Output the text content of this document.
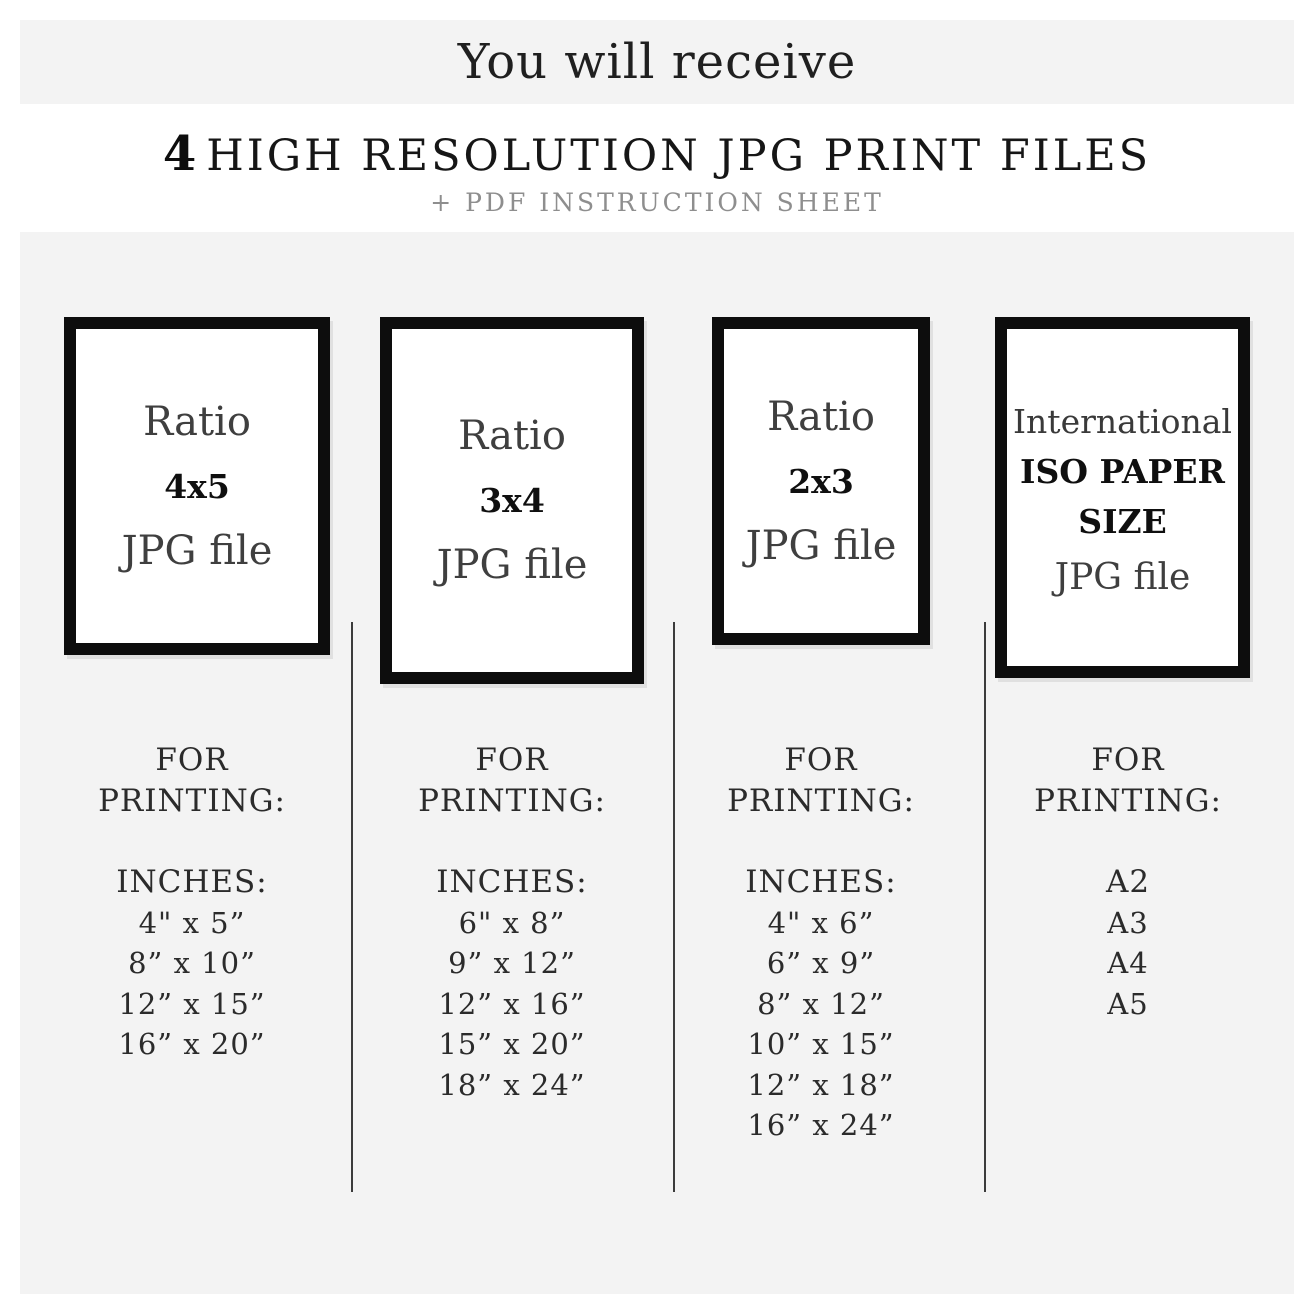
You will receive
4 HIGH RESOLUTION JPG PRINT FILES
+ PDF INSTRUCTION SHEET
Ratio
4x5
JPG file
Ratio
3x4
JPG file
Ratio
2x3
JPG file
International
ISO PAPER
SIZE
JPG file
FOR PRINTING:
INCHES:
4" x 5”
8” x 10”
12” x 15”
16” x 20”
FOR PRINTING:
INCHES:
6" x 8”
9” x 12”
12” x 16”
15” x 20”
18” x 24”
FOR PRINTING:
INCHES:
4" x 6”
6” x 9”
8” x 12”
10” x 15”
12” x 18”
16” x 24”
FOR PRINTING:
A2
A3
A4
A5
